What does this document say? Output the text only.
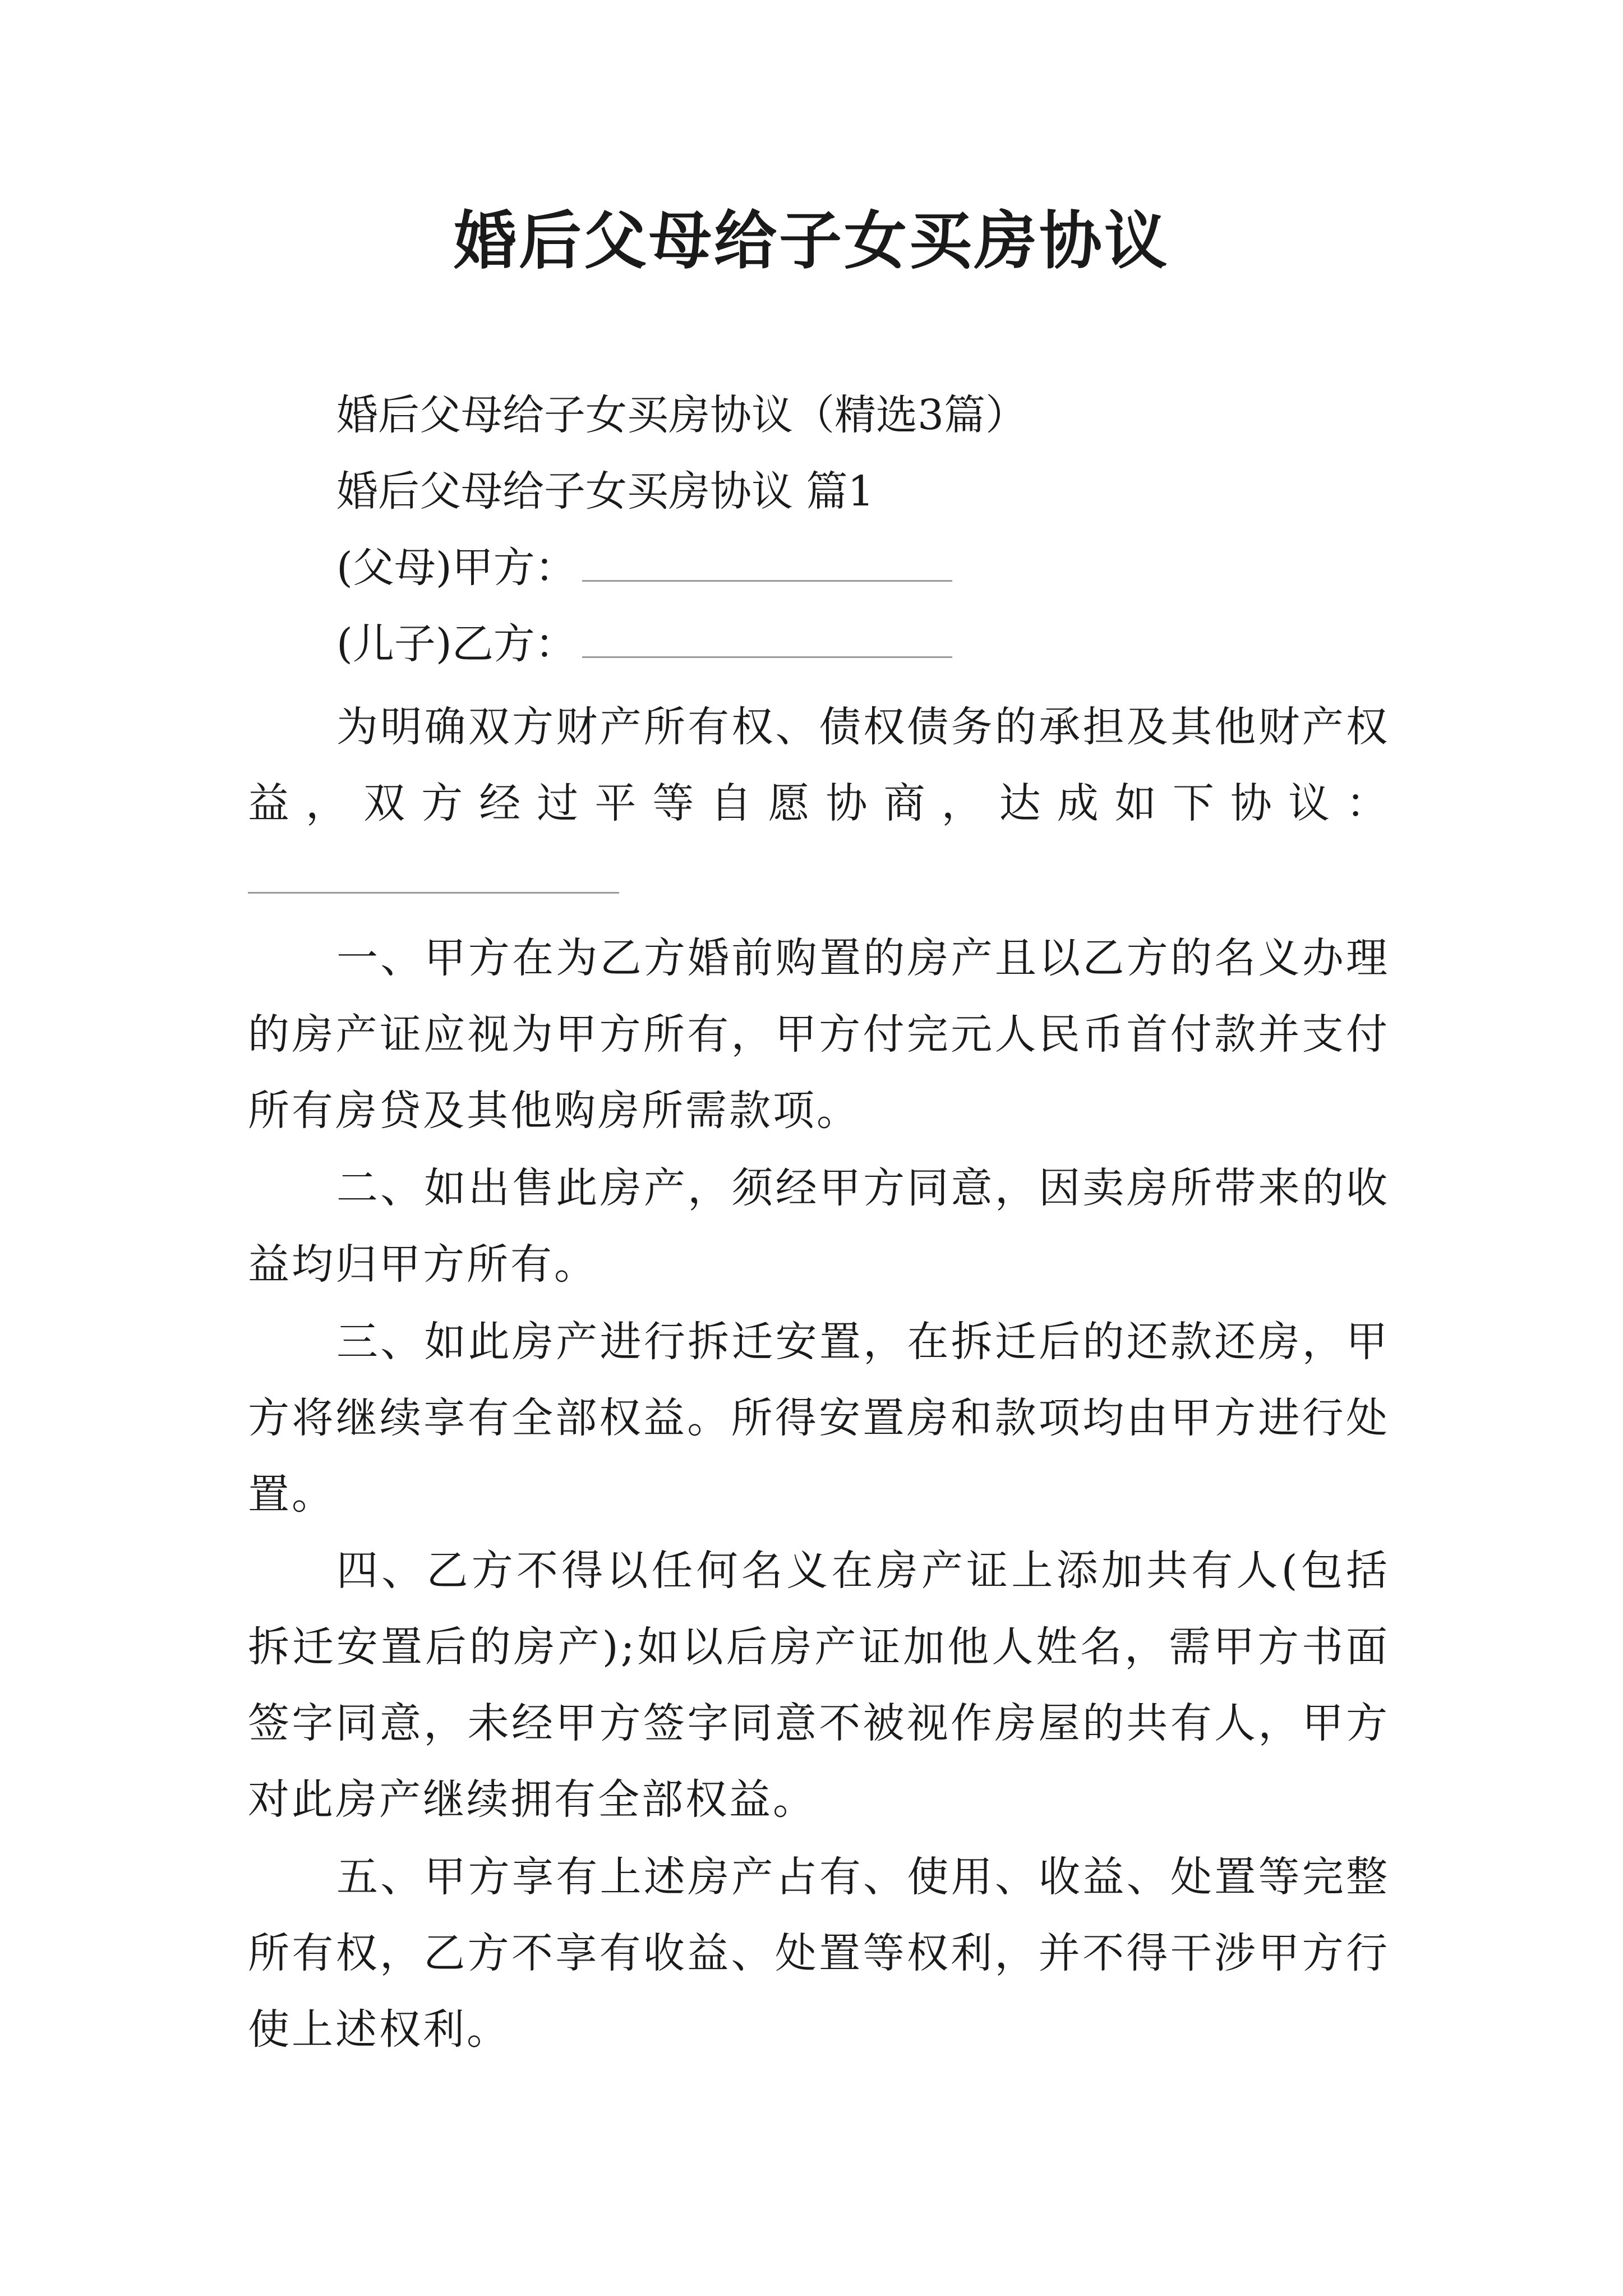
婚后父母给子女买房协议
婚后父母给子女买房协议（精选3篇）
婚后父母给子女买房协议 篇1
(父母)甲方：
(儿子)乙方：
为明确双方财产所有权、债权债务的承担及其他财产权益，双方经过平等自愿协商，达成如下协议：
一、甲方在为乙方婚前购置的房产且以乙方的名义办理的房产证应视为甲方所有，甲方付完元人民币首付款并支付所有房贷及其他购房所需款项。
二、如出售此房产，须经甲方同意，因卖房所带来的收益均归甲方所有。
三、如此房产进行拆迁安置，在拆迁后的还款还房，甲方将继续享有全部权益。所得安置房和款项均由甲方进行处置。
四、乙方不得以任何名义在房产证上添加共有人(包括拆迁安置后的房产);如以后房产证加他人姓名，需甲方书面签字同意，未经甲方签字同意不被视作房屋的共有人，甲方对此房产继续拥有全部权益。
五、甲方享有上述房产占有、使用、收益、处置等完整所有权，乙方不享有收益、处置等权利，并不得干涉甲方行使上述权利。
